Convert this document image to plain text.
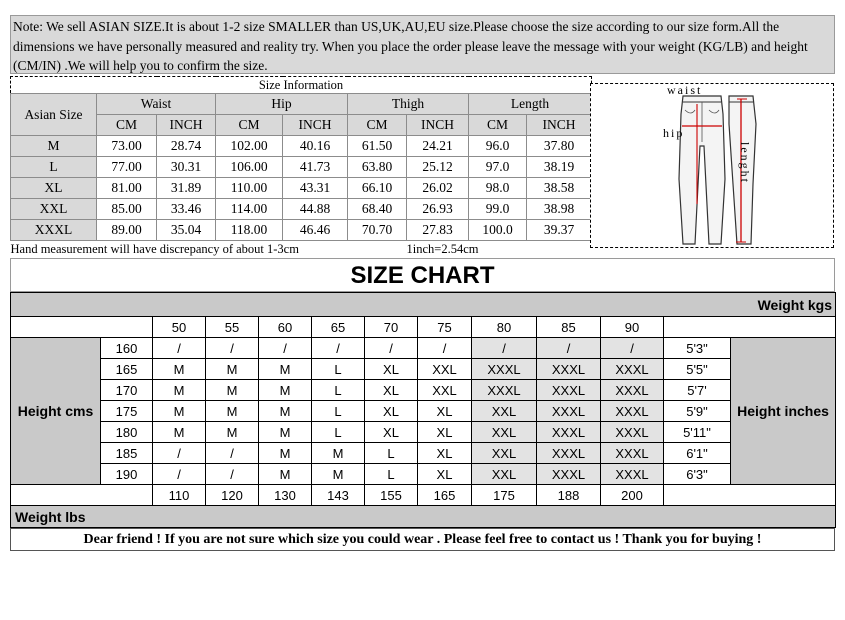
Note: We sell ASIAN SIZE.It is about 1-2 size SMALLER than US,UK,AU,EU size.Please choose the size according to our size form.All the dimensions we have personally measured and reality try. When you place the order please leave the message with your weight (KG/LB) and height (CM/IN) .We will help you to confirm the size.
Size Information								
Asian Size	Waist		Hip		Thigh		Length	
	CM	INCH	CM	INCH	CM	INCH	CM	INCH
M	73.00	28.74	102.00	40.16	61.50	24.21	96.0	37.80
L	77.00	30.31	106.00	41.73	63.80	25.12	97.0	38.19
XL	81.00	31.89	110.00	43.31	66.10	26.02	98.0	38.58
XXL	85.00	33.46	114.00	44.88	68.40	26.93	99.0	38.98
XXXL	89.00	35.04	118.00	46.46	70.70	27.83	100.0	39.37
Hand measurement will have discrepancy of about 1-3cm						1inch=2.54cm		
waist
hip
lenght
SIZE CHART
Weight kgs												
		50	55	60	65	70	75	80	85	90		
Height cms	160	/	/	/	/	/	/	/	/	/	5'3"	Height inches
	165	M	M	M	L	XL	XXL	XXXL	XXXL	XXXL	5'5"	
	170	M	M	M	L	XL	XXL	XXXL	XXXL	XXXL	5'7'	
	175	M	M	M	L	XL	XL	XXL	XXXL	XXXL	5'9"	
	180	M	M	M	L	XL	XL	XXL	XXXL	XXXL	5'11"	
	185	/	/	M	M	L	XL	XXL	XXXL	XXXL	6'1"	
	190	/	/	M	M	L	XL	XXL	XXXL	XXXL	6'3"	
		110	120	130	143	155	165	175	188	200		
Weight lbs												
Dear friend ! If you are not sure which size you could wear . Please feel free to contact us ! Thank you for buying !
